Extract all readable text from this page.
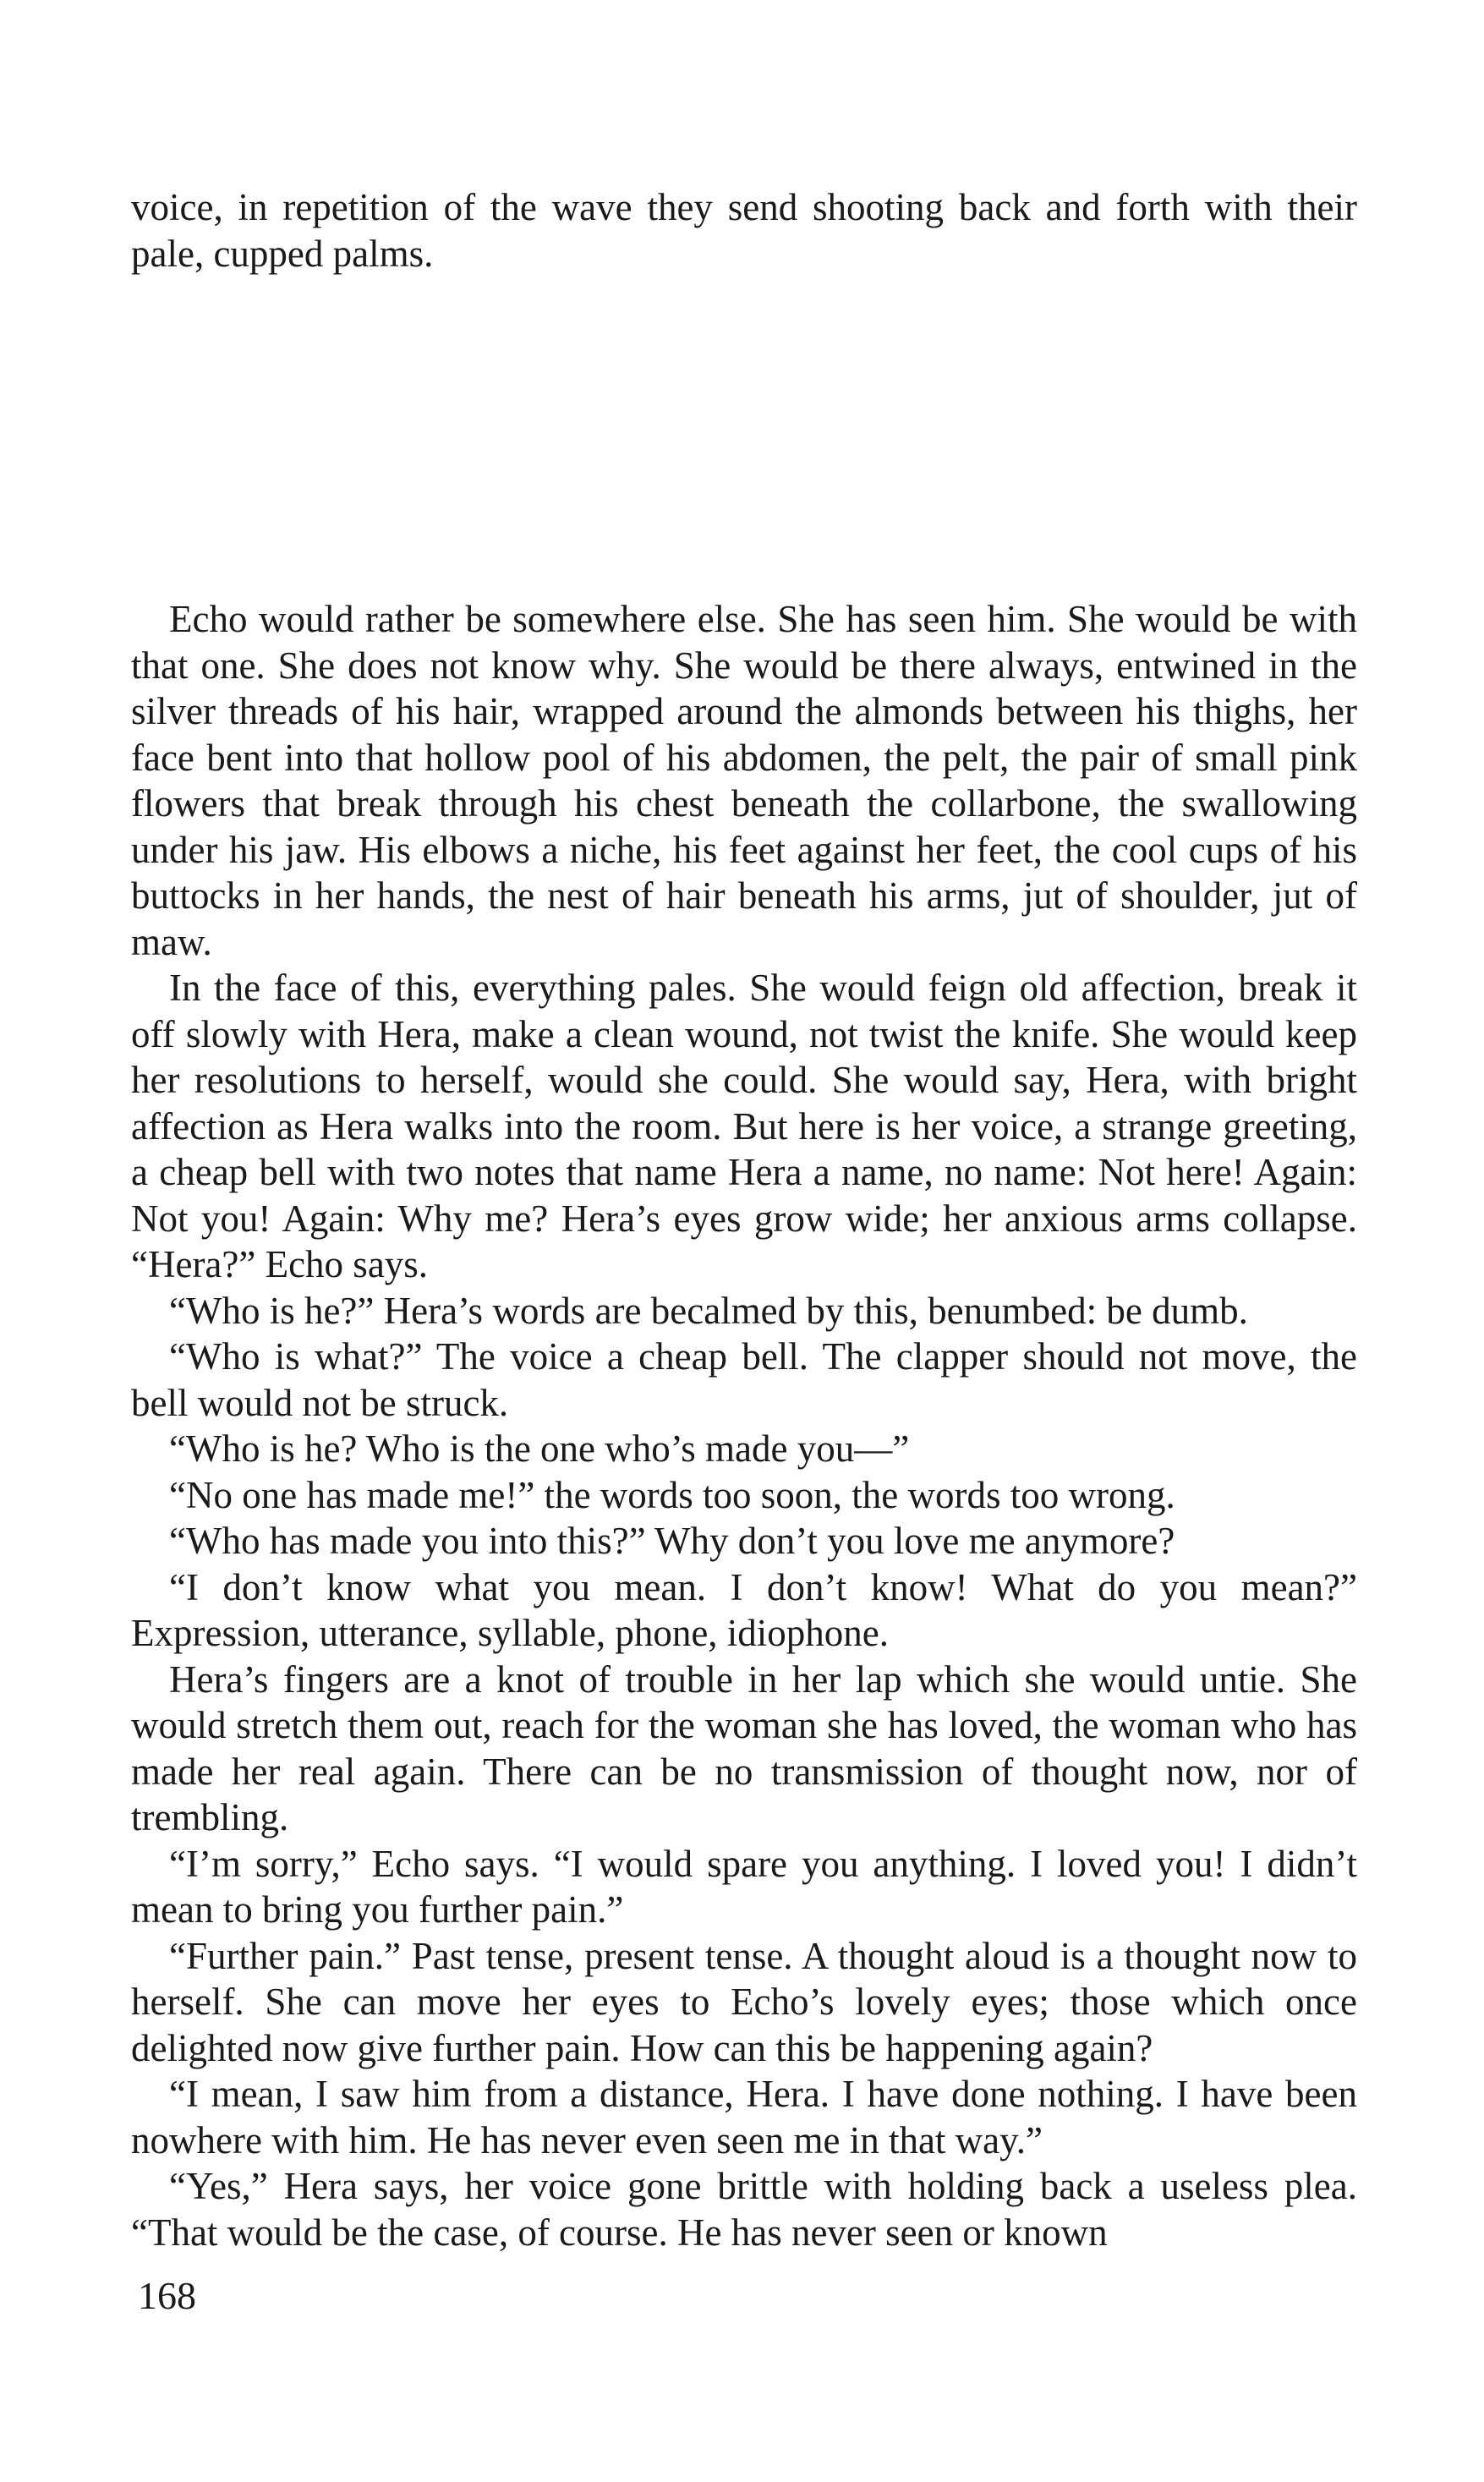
voice, in repetition of the wave they send shooting back and forth with their pale, cupped palms.

Echo would rather be somewhere else. She has seen him. She would be with that one. She does not know why. She would be there always, entwined in the silver threads of his hair, wrapped around the almonds between his thighs, her face bent into that hollow pool of his abdomen, the pelt, the pair of small pink flowers that break through his chest beneath the collarbone, the swallowing under his jaw. His elbows a niche, his feet against her feet, the cool cups of his buttocks in her hands, the nest of hair beneath his arms, jut of shoulder, jut of maw.

In the face of this, everything pales. She would feign old affection, break it off slowly with Hera, make a clean wound, not twist the knife. She would keep her resolutions to herself, would she could. She would say, Hera, with bright affection as Hera walks into the room. But here is her voice, a strange greeting, a cheap bell with two notes that name Hera a name, no name: Not here! Again: Not you! Again: Why me? Hera’s eyes grow wide; her anxious arms collapse. “Hera?” Echo says.

“Who is he?” Hera’s words are becalmed by this, benumbed: be dumb.

“Who is what?” The voice a cheap bell. The clapper should not move, the bell would not be struck.

“Who is he? Who is the one who’s made you—”

“No one has made me!” the words too soon, the words too wrong.

“Who has made you into this?” Why don’t you love me anymore?

“I don’t know what you mean. I don’t know! What do you mean?” Expression, utterance, syllable, phone, idiophone.

Hera’s fingers are a knot of trouble in her lap which she would untie. She would stretch them out, reach for the woman she has loved, the woman who has made her real again. There can be no transmission of thought now, nor of trembling.

“I’m sorry,” Echo says. “I would spare you anything. I loved you! I didn’t mean to bring you further pain.”

“Further pain.” Past tense, present tense. A thought aloud is a thought now to herself. She can move her eyes to Echo’s lovely eyes; those which once delighted now give further pain. How can this be happening again?

“I mean, I saw him from a distance, Hera. I have done nothing. I have been nowhere with him. He has never even seen me in that way.”

“Yes,” Hera says, her voice gone brittle with holding back a useless plea. “That would be the case, of course. He has never seen or known

168
